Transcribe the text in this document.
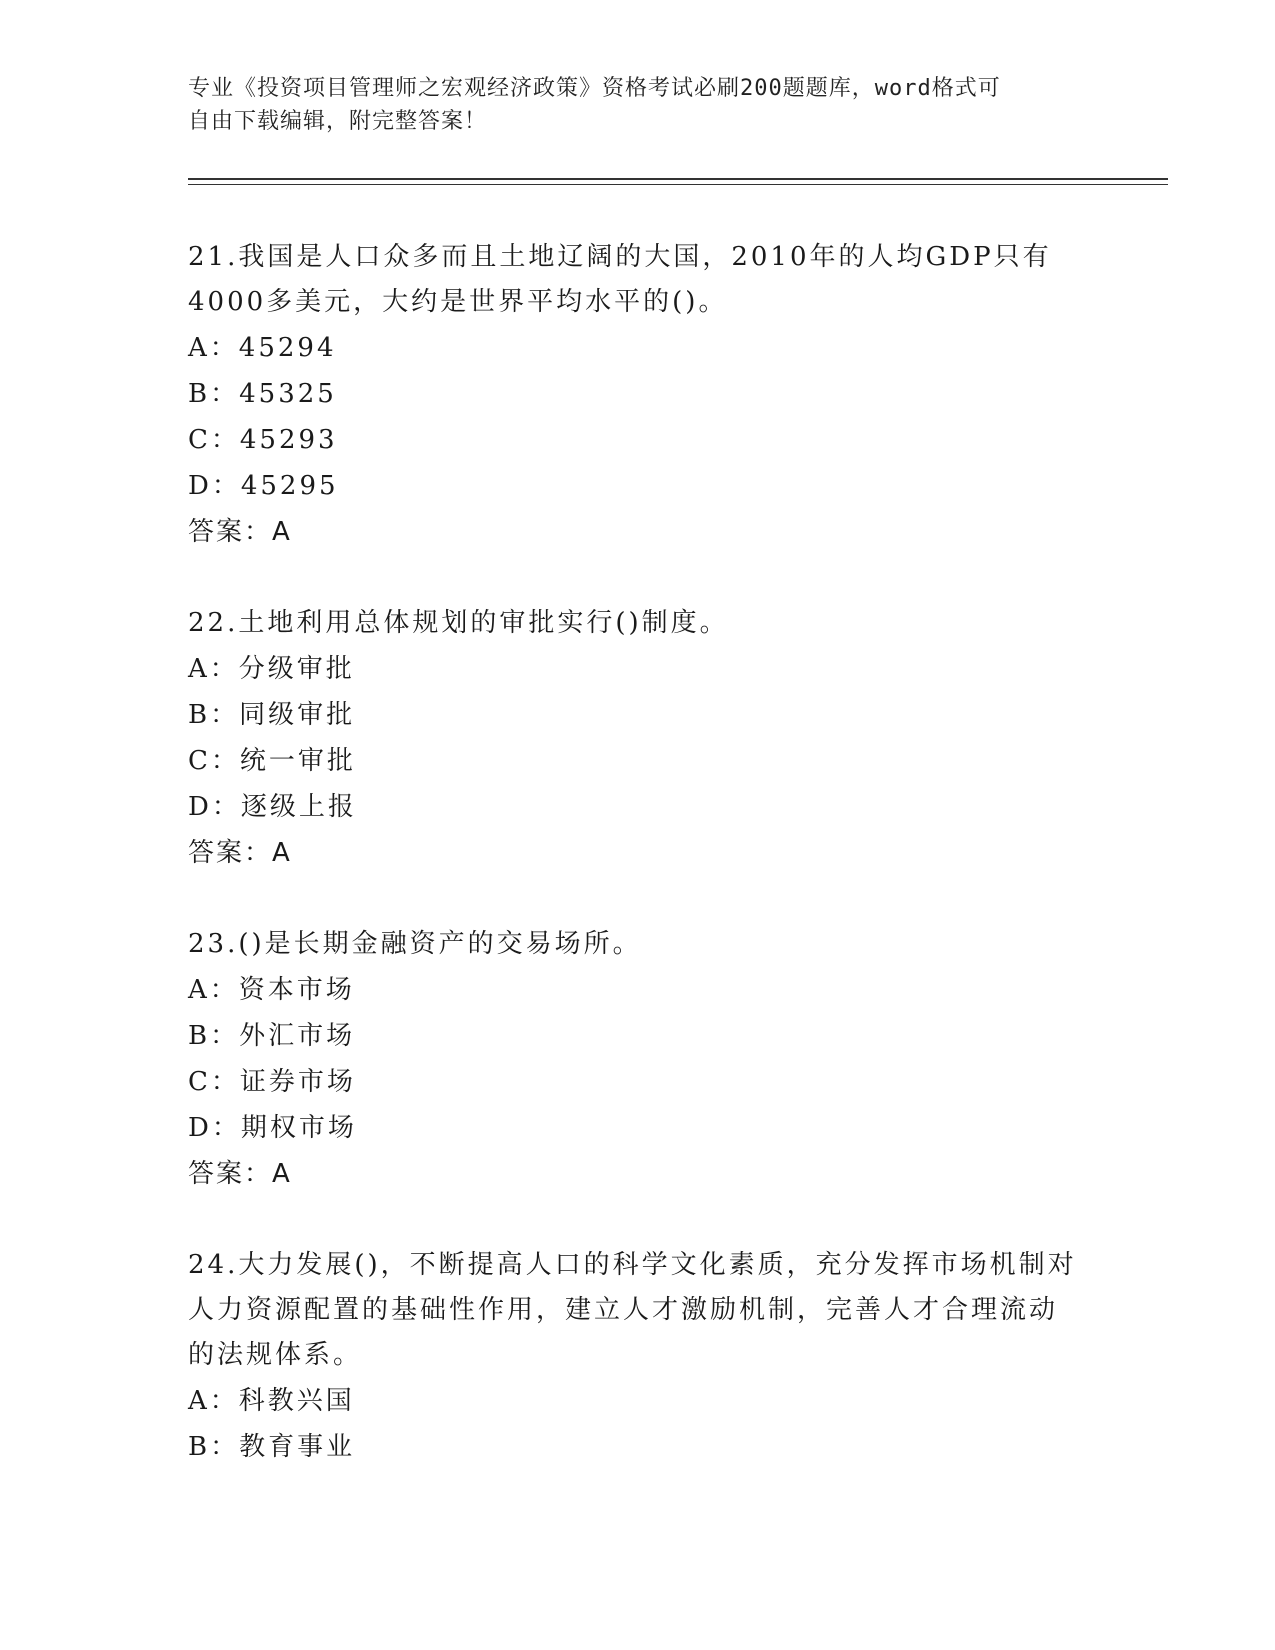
专业《投资项目管理师之宏观经济政策》资格考试必刷200题题库，word格式可
自由下载编辑，附完整答案！

21.我国是人口众多而且土地辽阔的大国，2010年的人均GDP只有

4000多美元，大约是世界平均水平的()。

A：45294

B：45325

C：45293

D：45295

答案：A

22.土地利用总体规划的审批实行()制度。

A：分级审批

B：同级审批

C：统一审批

D：逐级上报

答案：A

23.()是长期金融资产的交易场所。

A：资本市场

B：外汇市场

C：证券市场

D：期权市场

答案：A

24.大力发展()，不断提高人口的科学文化素质，充分发挥市场机制对

人力资源配置的基础性作用，建立人才激励机制，完善人才合理流动

的法规体系。

A：科教兴国

B：教育事业
